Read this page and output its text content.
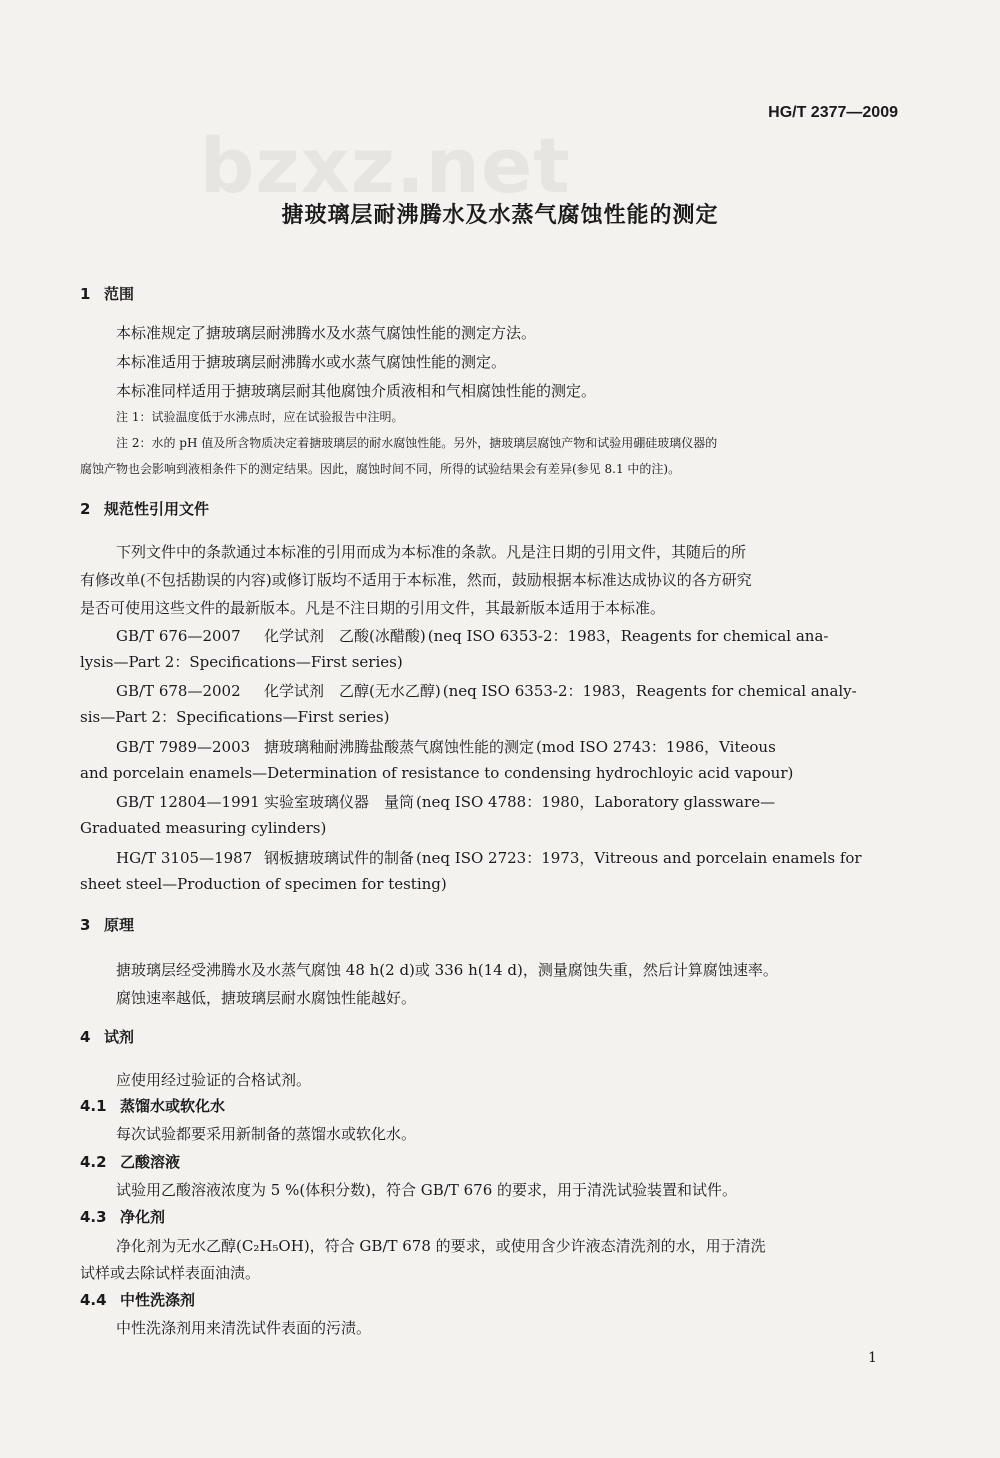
bzxz.net
HG/T 2377—2009
搪玻璃层耐沸腾水及水蒸气腐蚀性能的测定
1 范围
本标准规定了搪玻璃层耐沸腾水及水蒸气腐蚀性能的测定方法。
本标准适用于搪玻璃层耐沸腾水或水蒸气腐蚀性能的测定。
本标准同样适用于搪玻璃层耐其他腐蚀介质液相和气相腐蚀性能的测定。
注 1：试验温度低于水沸点时，应在试验报告中注明。
注 2：水的 pH 值及所含物质决定着搪玻璃层的耐水腐蚀性能。另外，搪玻璃层腐蚀产物和试验用硼硅玻璃仪器的
腐蚀产物也会影响到液相条件下的测定结果。因此，腐蚀时间不同，所得的试验结果会有差异(参见 8.1 中的注)。
2 规范性引用文件
下列文件中的条款通过本标准的引用而成为本标准的条款。凡是注日期的引用文件，其随后的所
有修改单(不包括勘误的内容)或修订版均不适用于本标准，然而，鼓励根据本标准达成协议的各方研究
是否可使用这些文件的最新版本。凡是不注日期的引用文件，其最新版本适用于本标准。
GB/T 676—2007 化学试剂　乙酸(冰醋酸) (neq ISO 6353-2：1983，Reagents for chemical ana-
lysis—Part 2：Specifications—First series)
GB/T 678—2002 化学试剂　乙醇(无水乙醇) (neq ISO 6353-2：1983，Reagents for chemical analy-
sis—Part 2：Specifications—First series)
GB/T 7989—2003 搪玻璃釉耐沸腾盐酸蒸气腐蚀性能的测定 (mod ISO 2743：1986，Viteous
and porcelain enamels—Determination of resistance to condensing hydrochloyic acid vapour)
GB/T 12804—1991 实验室玻璃仪器　量筒 (neq ISO 4788：1980，Laboratory glassware—
Graduated measuring cylinders)
HG/T 3105—1987 钢板搪玻璃试件的制备 (neq ISO 2723：1973，Vitreous and porcelain enamels for
sheet steel—Production of specimen for testing)
3 原理
搪玻璃层经受沸腾水及水蒸气腐蚀 48 h(2 d)或 336 h(14 d)，测量腐蚀失重，然后计算腐蚀速率。
腐蚀速率越低，搪玻璃层耐水腐蚀性能越好。
4 试剂
应使用经过验证的合格试剂。
4.1 蒸馏水或软化水
每次试验都要采用新制备的蒸馏水或软化水。
4.2 乙酸溶液
试验用乙酸溶液浓度为 5 %(体积分数)，符合 GB/T 676 的要求，用于清洗试验装置和试件。
4.3 净化剂
净化剂为无水乙醇(C₂H₅OH)，符合 GB/T 678 的要求，或使用含少许液态清洗剂的水，用于清洗
试样或去除试样表面油渍。
4.4 中性洗涤剂
中性洗涤剂用来清洗试件表面的污渍。
1
